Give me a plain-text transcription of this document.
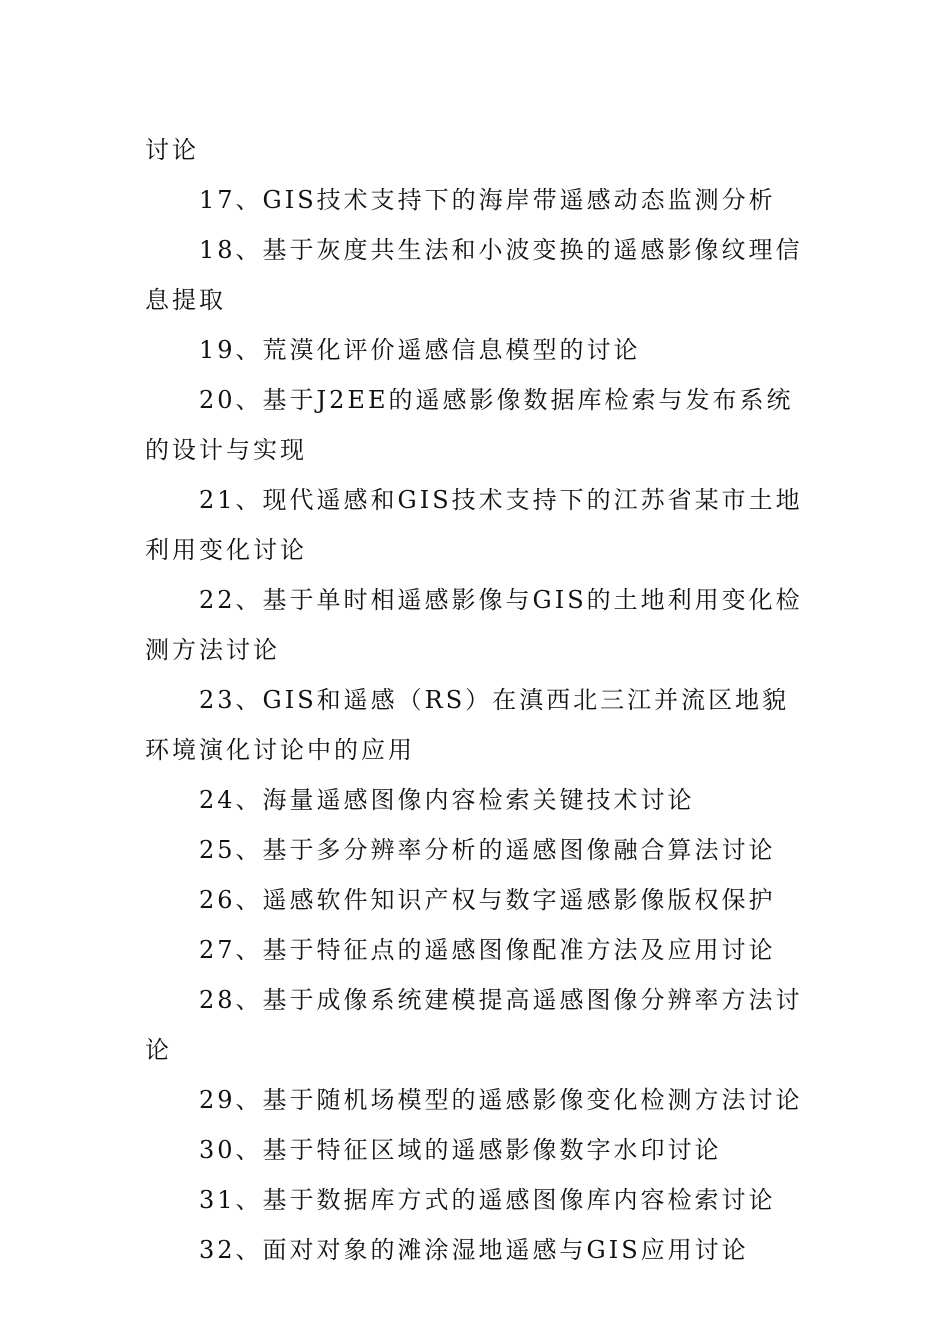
讨论

17、GIS技术支持下的海岸带遥感动态监测分析

18、基于灰度共生法和小波变换的遥感影像纹理信息提取

19、荒漠化评价遥感信息模型的讨论

20、基于J2EE的遥感影像数据库检索与发布系统的设计与实现

21、现代遥感和GIS技术支持下的江苏省某市土地利用变化讨论

22、基于单时相遥感影像与GIS的土地利用变化检测方法讨论

23、GIS和遥感（RS）在滇西北三江并流区地貌环境演化讨论中的应用

24、海量遥感图像内容检索关键技术讨论

25、基于多分辨率分析的遥感图像融合算法讨论

26、遥感软件知识产权与数字遥感影像版权保护

27、基于特征点的遥感图像配准方法及应用讨论

28、基于成像系统建模提高遥感图像分辨率方法讨论

29、基于随机场模型的遥感影像变化检测方法讨论

30、基于特征区域的遥感影像数字水印讨论

31、基于数据库方式的遥感图像库内容检索讨论

32、面对对象的滩涂湿地遥感与GIS应用讨论
